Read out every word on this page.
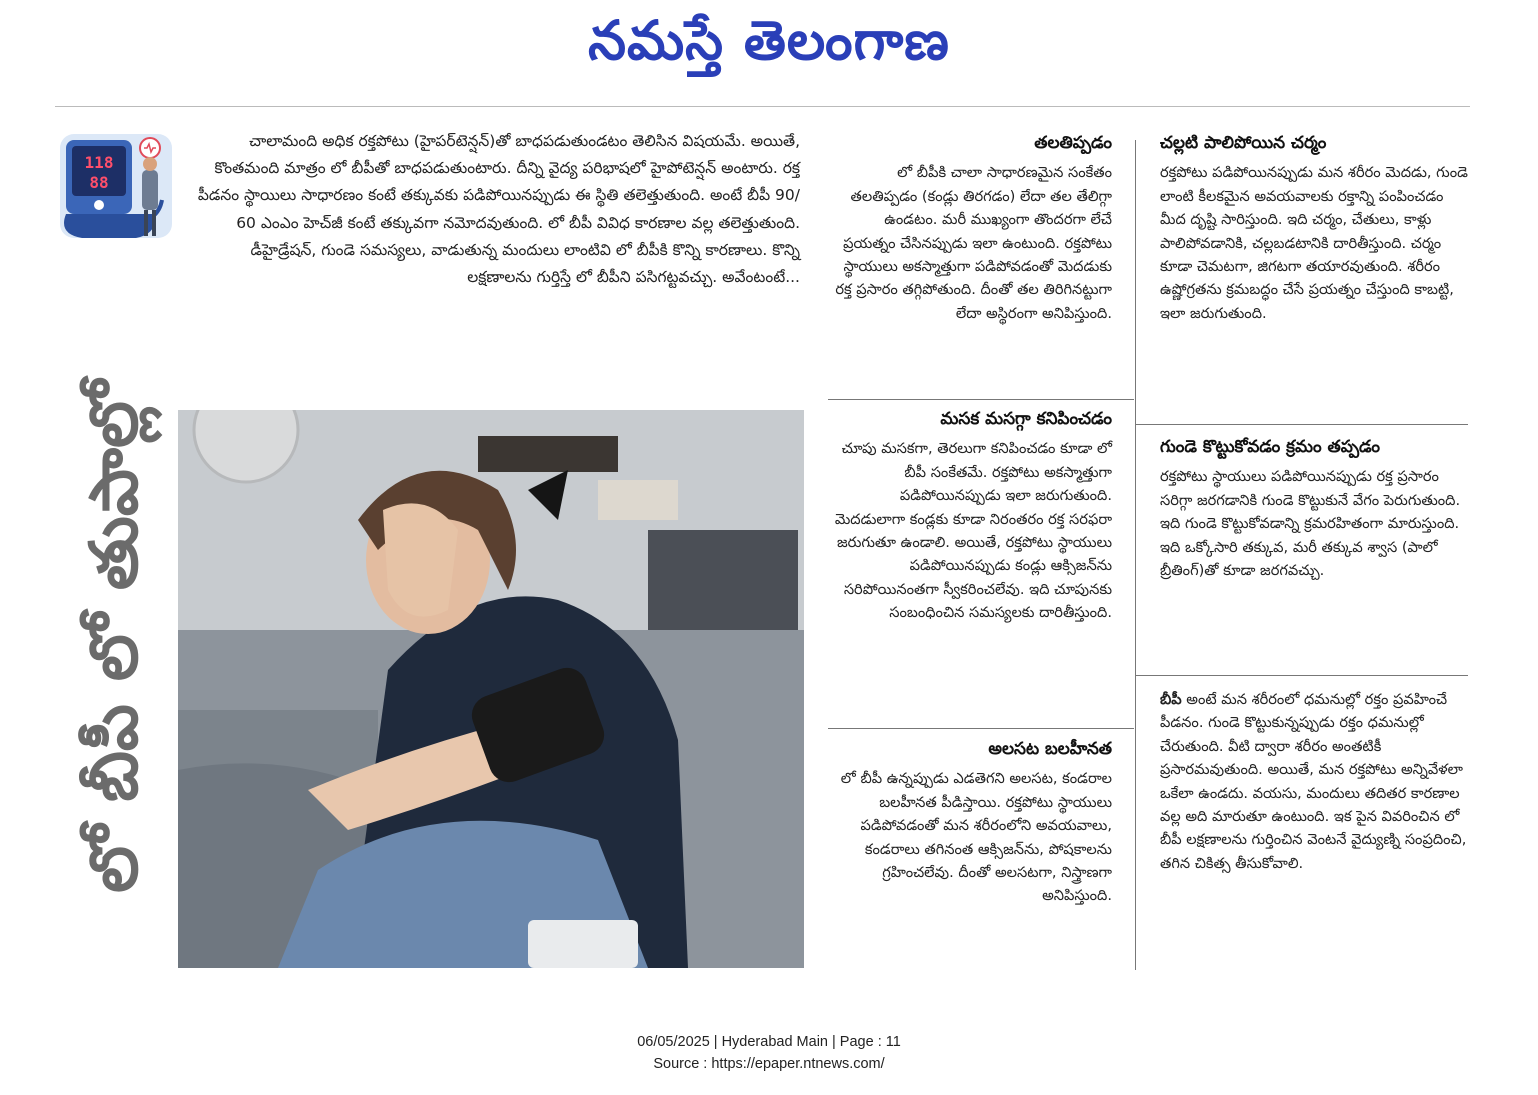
నమస్తే తెలంగాణ
118
88
లో బీపీ లో తుపాల్లో
చాలామంది అధిక రక్తపోటు (హైపర్‌టెన్షన్)తో బాధపడుతుండటం తెలిసిన విషయమే. అయితే, కొంతమంది మాత్రం లో బీపీతో బాధపడుతుంటారు. దీన్ని వైద్య పరిభాషలో హైపోటెన్షన్ అంటారు. రక్త పీడనం స్థాయిలు సాధారణం కంటే తక్కువకు పడిపోయినప్పుడు ఈ స్థితి తలెత్తుతుంది. అంటే బీపీ 90/ 60 ఎంఎం హెచ్‌జీ కంటే తక్కువగా నమోదవుతుంది. లో బీపీ వివిధ కారణాల వల్ల తలెత్తుతుంది. డీహైడ్రేషన్, గుండె సమస్యలు, వాడుతున్న మందులు లాంటివి లో బీపీకి కొన్ని కారణాలు. కొన్ని లక్షణాలను గుర్తిస్తే లో బీపీని పసిగట్టవచ్చు. అవేంటంటే...
తలతిప్పడం

లో బీపీకి చాలా సాధారణమైన సంకేతం తలతిప్పడం (కండ్లు తిరగడం) లేదా తల తేలిగ్గా ఉండటం. మరీ ముఖ్యంగా తొందరగా లేచే ప్రయత్నం చేసినప్పుడు ఇలా ఉంటుంది. రక్తపోటు స్థాయులు అకస్మాత్తుగా పడిపోవడంతో మెదడుకు రక్త ప్రసారం తగ్గిపోతుంది. దీంతో తల తిరిగినట్టుగా లేదా అస్థిరంగా అనిపిస్తుంది.

మసక మసగ్గా కనిపించడం

చూపు మసకగా, తెరలుగా కనిపించడం కూడా లో బీపీ సంకేతమే. రక్తపోటు అకస్మాత్తుగా పడిపోయినప్పుడు ఇలా జరుగుతుంది. మెదడులాగా కండ్లకు కూడా నిరంతరం రక్త సరఫరా జరుగుతూ ఉండాలి. అయితే, రక్తపోటు స్థాయులు పడిపోయినప్పుడు కండ్లు ఆక్సిజన్‌ను సరిపోయినంతగా స్వీకరించలేవు. ఇది చూపునకు సంబంధించిన సమస్యలకు దారితీస్తుంది.

అలసట బలహీనత

లో బీపీ ఉన్నప్పుడు ఎడతెగని అలసట, కండరాల బలహీనత పీడిస్తాయి. రక్తపోటు స్థాయులు పడిపోవడంతో మన శరీరంలోని అవయవాలు, కండరాలు తగినంత ఆక్సిజన్‌ను, పోషకాలను గ్రహించలేవు. దీంతో అలసటగా, నిస్త్రాణగా అనిపిస్తుంది.

చల్లటి పాలిపోయిన చర్మం

రక్తపోటు పడిపోయినప్పుడు మన శరీరం మెదడు, గుండె లాంటి కీలకమైన అవయవాలకు రక్తాన్ని పంపించడం మీద దృష్టి సారిస్తుంది. ఇది చర్మం, చేతులు, కాళ్లు పాలిపోవడానికి, చల్లబడటానికి దారితీస్తుంది. చర్మం కూడా చెమటగా, జిగటగా తయారవుతుంది. శరీరం ఉష్ణోగ్రతను క్రమబద్ధం చేసే ప్రయత్నం చేస్తుంది కాబట్టి, ఇలా జరుగుతుంది.

గుండె కొట్టుకోవడం క్రమం తప్పడం

రక్తపోటు స్థాయులు పడిపోయినప్పుడు రక్త ప్రసారం సరిగ్గా జరగడానికి గుండె కొట్టుకునే వేగం పెరుగుతుంది. ఇది గుండె కొట్టుకోవడాన్ని క్రమరహితంగా మారుస్తుంది. ఇది ఒక్కోసారి తక్కువ, మరీ తక్కువ శ్వాస (పాలో బ్రీతింగ్)తో కూడా జరగవచ్చు.

బీపీ అంటే మన శరీరంలో ధమనుల్లో రక్తం ప్రవహించే పీడనం. గుండె కొట్టుకున్నప్పుడు రక్తం ధమనుల్లో చేరుతుంది. వీటి ద్వారా శరీరం అంతటికీ ప్రసారమవుతుంది. అయితే, మన రక్తపోటు అన్నివేళలా ఒకేలా ఉండదు. వయసు, మందులు తదితర కారణాల వల్ల అది మారుతూ ఉంటుంది. ఇక పైన వివరించిన లో బీపీ లక్షణాలను గుర్తించిన వెంటనే వైద్యుణ్ని సంప్రదించి, తగిన చికిత్స తీసుకోవాలి.

06/05/2025 | Hyderabad Main | Page : 11
Source : https://epaper.ntnews.com/
